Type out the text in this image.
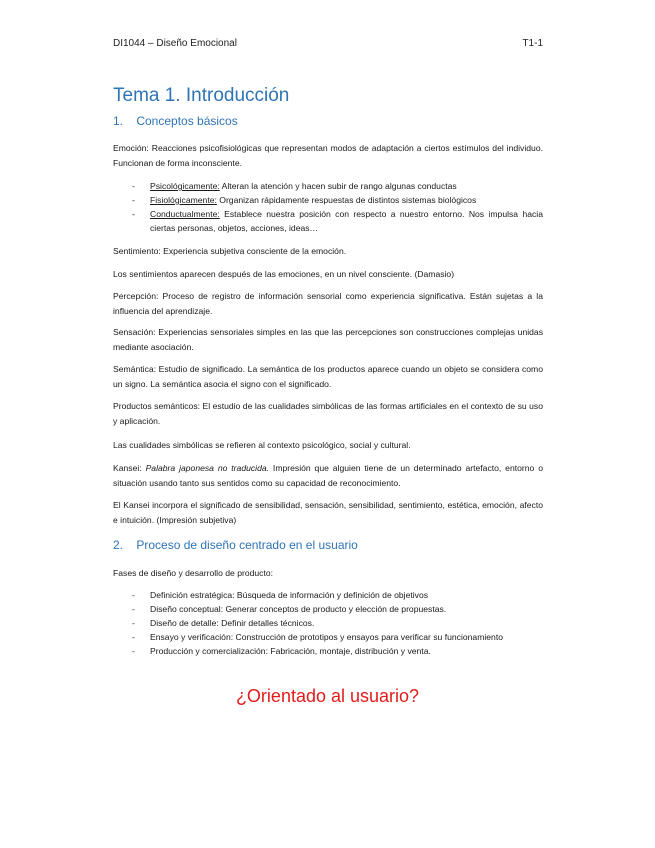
DI1044 – Diseño Emocional	T1-1
Tema 1. Introducción
1. Conceptos básicos
Emoción: Reacciones psicofisiológicas que representan modos de adaptación a ciertos estímulos del individuo. Funcionan de forma inconsciente.
- Psicológicamente: Alteran la atención y hacen subir de rango algunas conductas
- Fisiológicamente: Organizan rápidamente respuestas de distintos sistemas biológicos
- Conductualmente: Establece nuestra posición con respecto a nuestro entorno. Nos impulsa hacia ciertas personas, objetos, acciones, ideas…
Sentimiento: Experiencia subjetiva consciente de la emoción.
Los sentimientos aparecen después de las emociones, en un nivel consciente. (Damasio)
Percepción: Proceso de registro de información sensorial como experiencia significativa. Están sujetas a la influencia del aprendizaje.
Sensación: Experiencias sensoriales simples en las que las percepciones son construcciones complejas unidas mediante asociación.
Semántica: Estudio de significado. La semántica de los productos aparece cuando un objeto se considera como un signo. La semántica asocia el signo con el significado.
Productos semánticos: El estudio de las cualidades simbólicas de las formas artificiales en el contexto de su uso y aplicación.
Las cualidades simbólicas se refieren al contexto psicológico, social y cultural.
Kansei: Palabra japonesa no traducida. Impresión que alguien tiene de un determinado artefacto, entorno o situación usando tanto sus sentidos como su capacidad de reconocimiento.
El Kansei incorpora el significado de sensibilidad, sensación, sensibilidad, sentimiento, estética, emoción, afecto e intuición. (Impresión subjetiva)
2. Proceso de diseño centrado en el usuario
Fases de diseño y desarrollo de producto:
- Definición estratégica: Búsqueda de información y definición de objetivos
- Diseño conceptual: Generar conceptos de producto y elección de propuestas.
- Diseño de detalle: Definir detalles técnicos.
- Ensayo y verificación: Construcción de prototipos y ensayos para verificar su funcionamiento
- Producción y comercialización: Fabricación, montaje, distribución y venta.
¿Orientado al usuario?
